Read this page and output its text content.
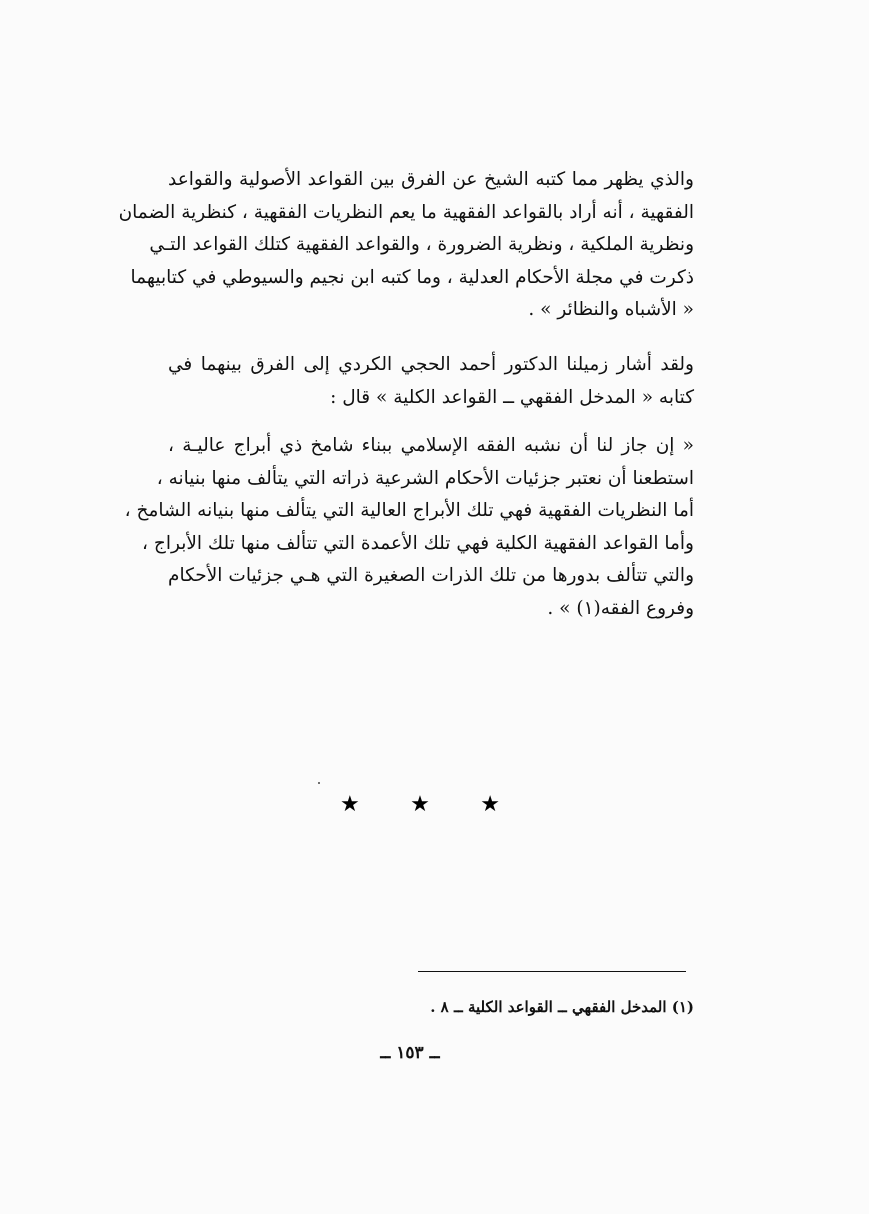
والذي يظهر مما كتبه الشيخ عن الفرق بين القواعد الأصولية والقواعد
الفقهية ، أنه أراد بالقواعد الفقهية ما يعم النظريات الفقهية ، كنظرية الضمان
ونظرية الملكية ، ونظرية الضرورة ، والقواعد الفقهية كتلك القواعد التـي
ذكرت في مجلة الأحكام العدلية ، وما كتبه ابن نجيم والسيوطي في كتابيهما
« الأشباه والنظائر » .
ولقد أشار زميلنا الدكتور أحمد الحجي الكردي إلى الفرق بينهما في
كتابه « المدخل الفقهي ــ القواعد الكلية » قال :
« إن جاز لنا أن نشبه الفقه الإسلامي ببناء شامخ ذي أبراج عاليـة ،
استطعنا أن نعتبر جزئيات الأحكام الشرعية ذراته التي يتألف منها بنيانه ،
أما النظريات الفقهية فهي تلك الأبراج العالية التي يتألف منها بنيانه الشامخ ،
وأما القواعد الفقهية الكلية فهي تلك الأعمدة التي تتألف منها تلك الأبراج ،
والتي تتألف بدورها من تلك الذرات الصغيرة التي هـي جزئيات الأحكام
وفروع الفقه(١) » .
★ ★ ★
(١) المدخل الفقهي ــ القواعد الكلية ــ ٨ .
ــ ١٥٣ ــ
